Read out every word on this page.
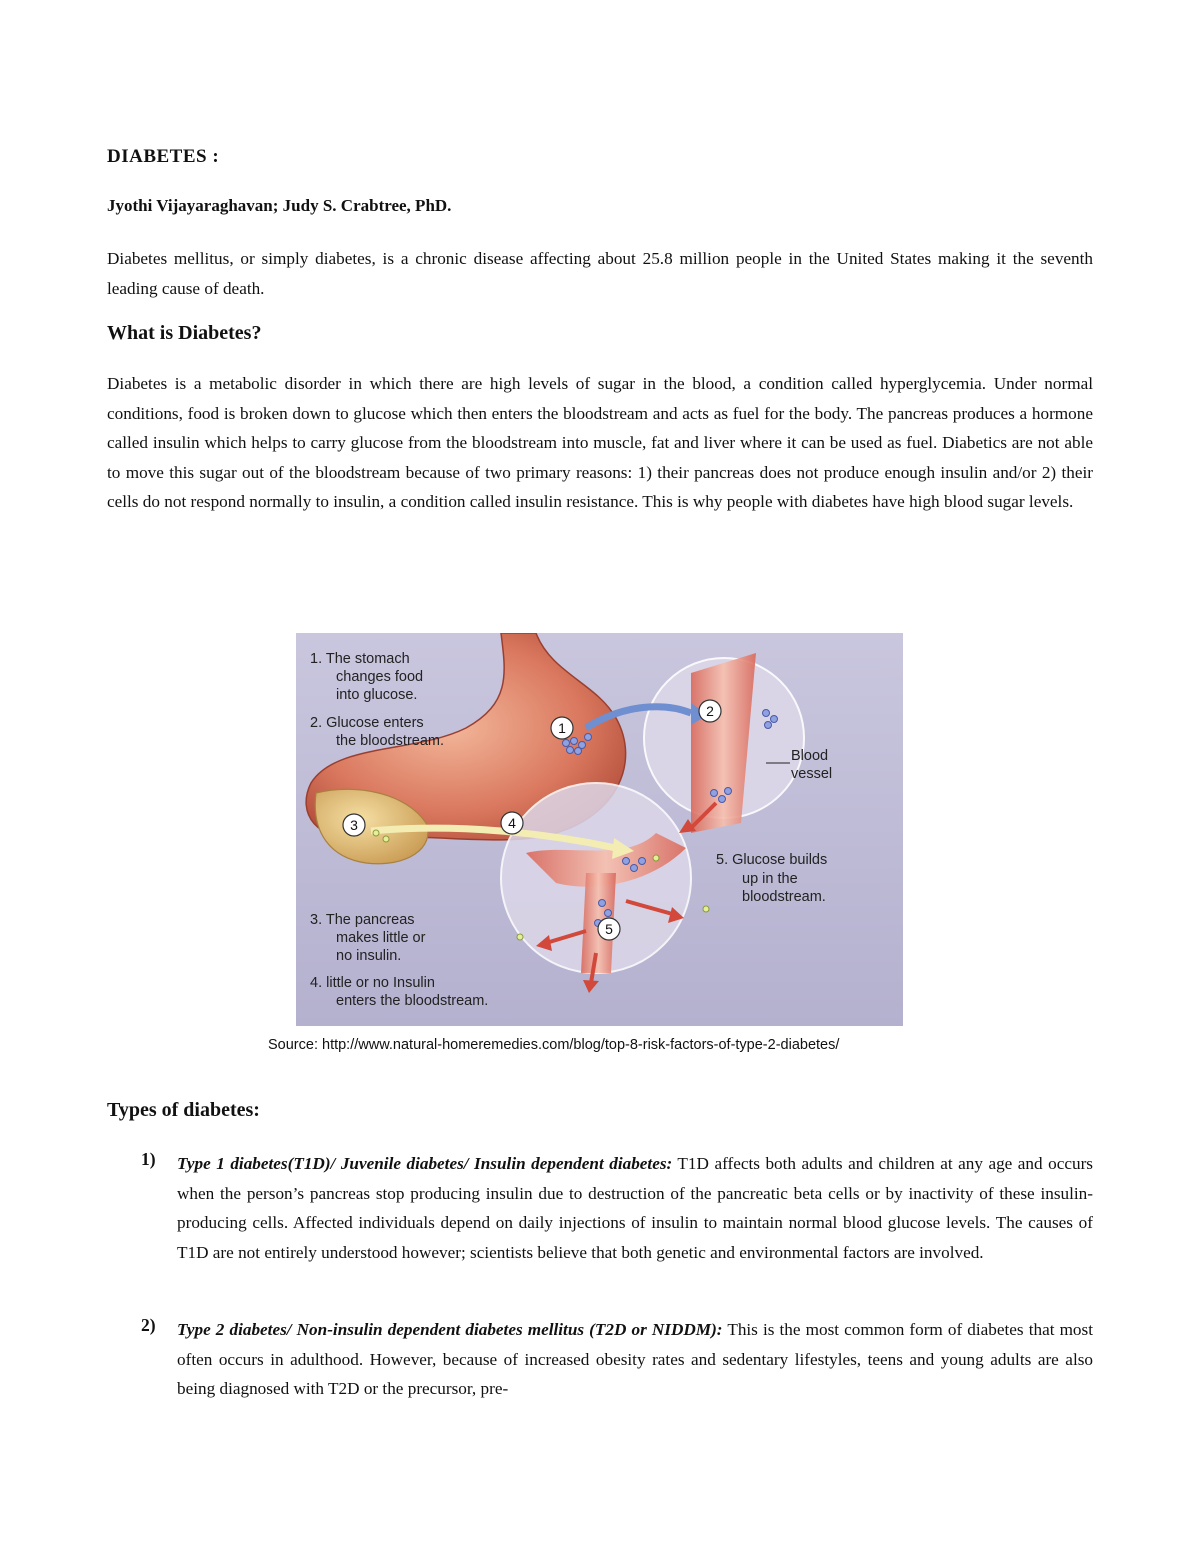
DIABETES :
Jyothi Vijayaraghavan; Judy S. Crabtree, PhD.
Diabetes mellitus, or simply diabetes, is a chronic disease affecting about 25.8 million people in the United States making it the seventh leading cause of death.
What is Diabetes?
Diabetes is a metabolic disorder in which there are high levels of sugar in the blood, a condition called hyperglycemia. Under normal conditions, food is broken down to glucose which then enters the bloodstream and acts as fuel for the body. The pancreas produces a hormone called insulin which helps to carry glucose from the bloodstream into muscle, fat and liver where it can be used as fuel. Diabetics are not able to move this sugar out of the bloodstream because of two primary reasons: 1) their pancreas does not produce enough insulin and/or 2) their cells do not respond normally to insulin, a condition called insulin resistance. This is why people with diabetes have high blood sugar levels.
1
2
3	4
5
1. The stomach
changes food
into glucose.
2. Glucose enters
the bloodstream.
3. The pancreas
makes little or
no insulin.
4. little or no Insulin
enters the bloodstream.
5. Glucose builds
up in the
bloodstream.
Blood
vessel
Source: http://www.natural-homeremedies.com/blog/top-8-risk-factors-of-type-2-diabetes/
Types of diabetes:
1) Type 1 diabetes(T1D)/ Juvenile diabetes/ Insulin dependent diabetes: T1D affects both adults and children at any age and occurs when the person’s pancreas stop producing insulin due to destruction of the pancreatic beta cells or by inactivity of these insulin-producing cells. Affected individuals depend on daily injections of insulin to maintain normal blood glucose levels. The causes of T1D are not entirely understood however; scientists believe that both genetic and environmental factors are involved.
2) Type 2 diabetes/ Non-insulin dependent diabetes mellitus (T2D or NIDDM): This is the most common form of diabetes that most often occurs in adulthood. However, because of increased obesity rates and sedentary lifestyles, teens and young adults are also being diagnosed with T2D or the precursor, pre-
